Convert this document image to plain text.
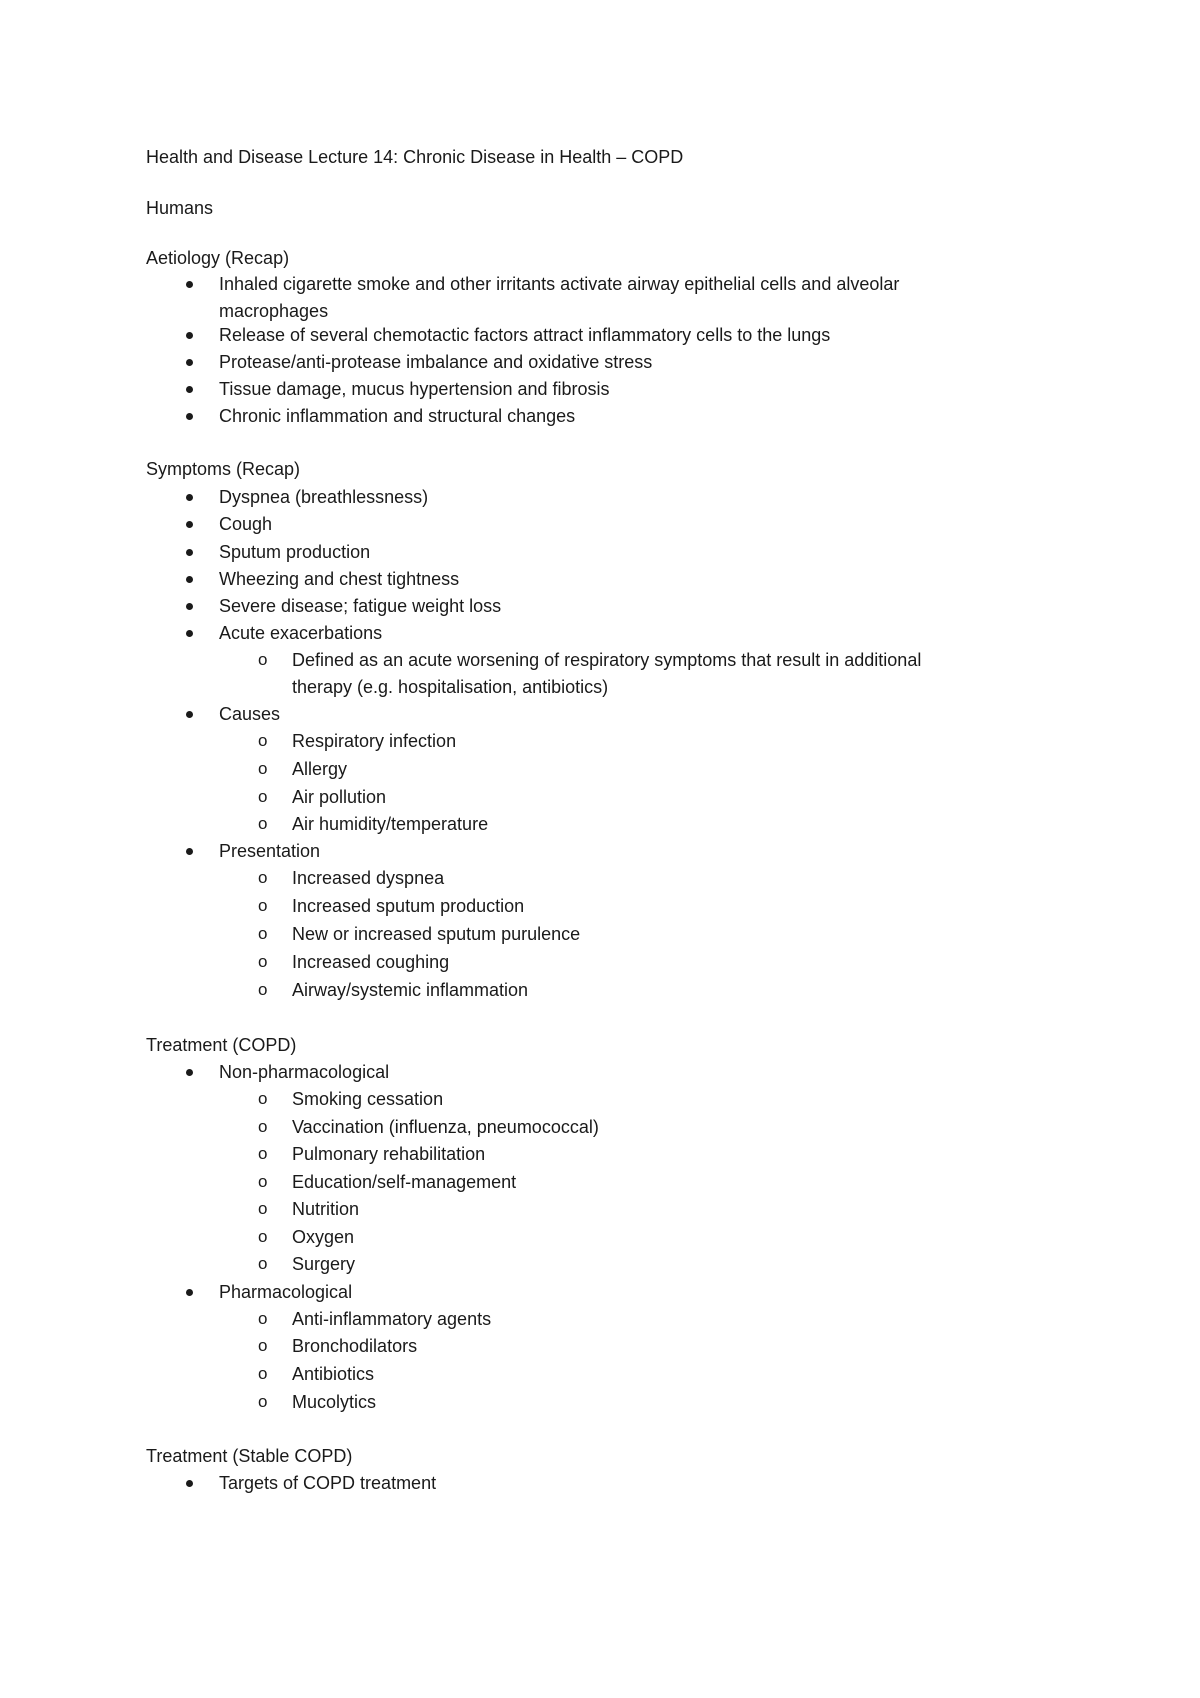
Health and Disease Lecture 14: Chronic Disease in Health – COPD
Humans
Aetiology (Recap)
Inhaled cigarette smoke and other irritants activate airway epithelial cells and alveolar
macrophages
Release of several chemotactic factors attract inflammatory cells to the lungs
Protease/anti-protease imbalance and oxidative stress
Tissue damage, mucus hypertension and fibrosis
Chronic inflammation and structural changes
Symptoms (Recap)
Dyspnea (breathlessness)
Cough
Sputum production
Wheezing and chest tightness
Severe disease; fatigue weight loss
Acute exacerbations
o Defined as an acute worsening of respiratory symptoms that result in additional
therapy (e.g. hospitalisation, antibiotics)
Causes
o Respiratory infection
o Allergy
o Air pollution
o Air humidity/temperature
Presentation
o Increased dyspnea
o Increased sputum production
o New or increased sputum purulence
o Increased coughing
o Airway/systemic inflammation
Treatment (COPD)
Non-pharmacological
o Smoking cessation
o Vaccination (influenza, pneumococcal)
o Pulmonary rehabilitation
o Education/self-management
o Nutrition
o Oxygen
o Surgery
Pharmacological
o Anti-inflammatory agents
o Bronchodilators
o Antibiotics
o Mucolytics
Treatment (Stable COPD)
Targets of COPD treatment
